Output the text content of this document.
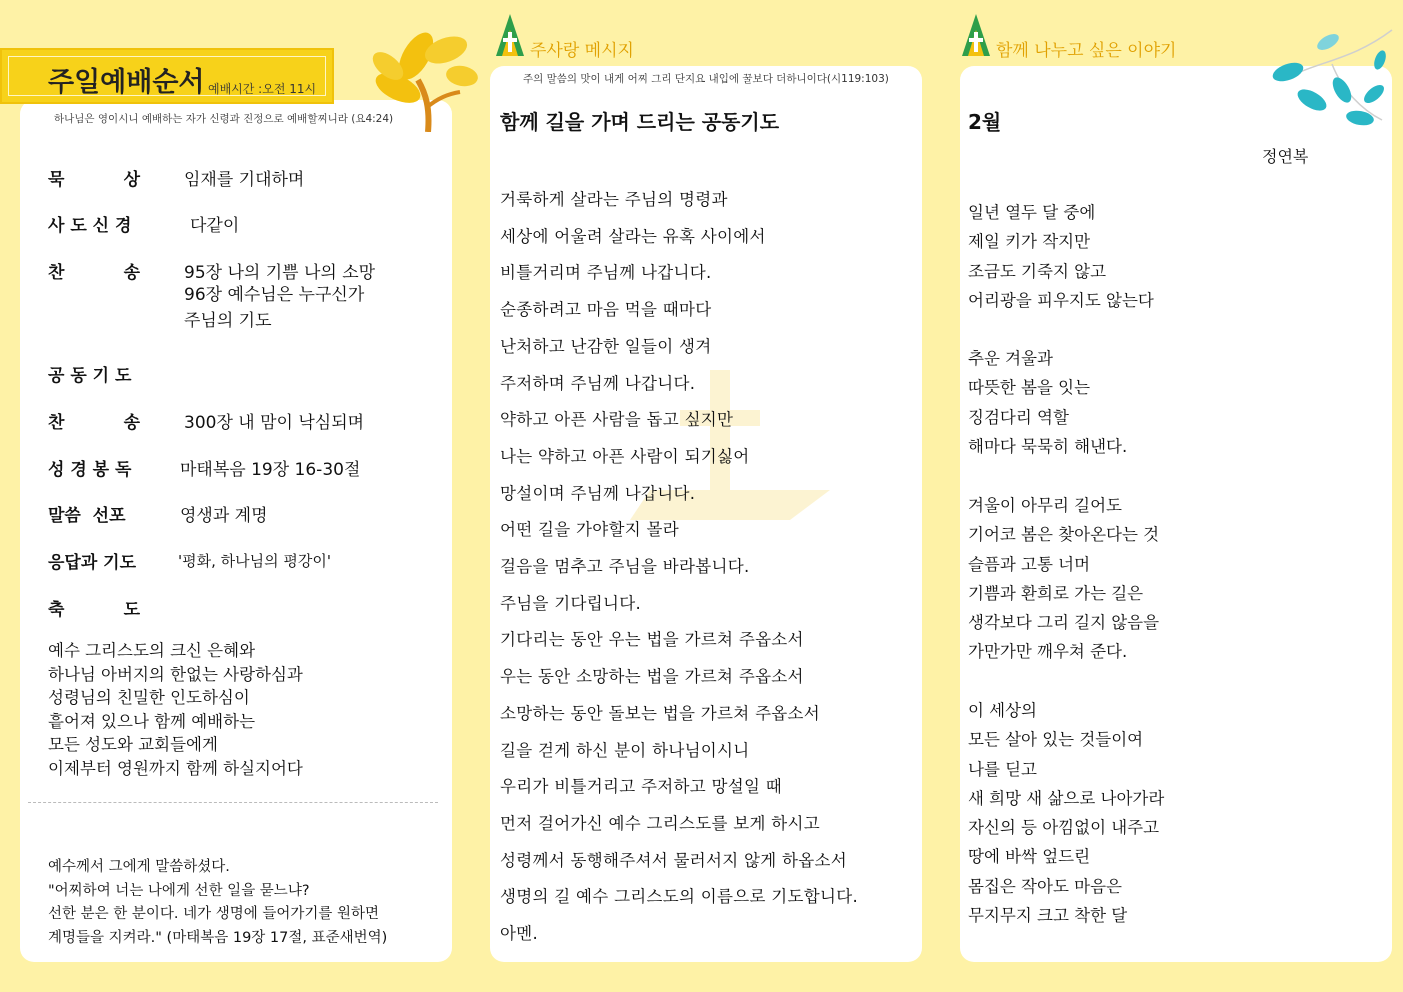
주일예배순서 예배시간 :오전 11시
하나님은 영이시니 예배하는 자가 신령과 진정으로 예배할찌니라 (요4:24)
묵          상	임재를 기대하며
사 도 신 경	다같이
찬          송	95장 나의 기쁨 나의 소망
96장 예수님은 누구신가
주님의 기도
공 동 기 도
찬          송	300장 내 맘이 낙심되며
성 경 봉 독	마태복음 19장 16-30절
말씀  선포	영생과 계명
응답과 기도	'평화, 하나님의 평강이'
축          도
예수 그리스도의 크신 은혜와
하나님 아버지의 한없는 사랑하심과
성령님의 친밀한 인도하심이
흩어져 있으나 함께 예배하는
모든 성도와 교회들에게
이제부터 영원까지 함께 하실지어다
예수께서 그에게 말씀하셨다.
"어찌하여 너는 나에게 선한 일을 묻느냐?
선한 분은 한 분이다. 네가 생명에 들어가기를 원하면
계명들을 지켜라." (마태복음 19장 17절, 표준새번역)
주사랑 메시지
주의 말씀의 맛이 내게 어찌 그리 단지요 내입에 꿀보다 더하니이다(시119:103)
함께 길을 가며 드리는 공동기도
거룩하게 살라는 주님의 명령과
세상에 어울려 살라는 유혹 사이에서
비틀거리며 주님께 나갑니다.
순종하려고 마음 먹을 때마다
난처하고 난감한 일들이 생겨
주저하며 주님께 나갑니다.
약하고 아픈 사람을 돕고 싶지만
나는 약하고 아픈 사람이 되기싫어
망설이며 주님께 나갑니다.
어떤 길을 가야할지 몰라
걸음을 멈추고 주님을 바라봅니다.
주님을 기다립니다.
기다리는 동안 우는 법을 가르쳐 주옵소서
우는 동안 소망하는 법을 가르쳐 주옵소서
소망하는 동안 돌보는 법을 가르쳐 주옵소서
길을 걷게 하신 분이 하나님이시니
우리가 비틀거리고 주저하고 망설일 때
먼저 걸어가신 예수 그리스도를 보게 하시고
성령께서 동행해주셔서 물러서지 않게 하옵소서
생명의 길 예수 그리스도의 이름으로 기도합니다.
아멘.
함께 나누고 싶은 이야기
2월
정연복
일년 열두 달 중에
제일 키가 작지만
조금도 기죽지 않고
어리광을 피우지도 않는다
추운 겨울과
따뜻한 봄을 잇는
징검다리 역할
해마다 묵묵히 해낸다.
겨울이 아무리 길어도
기어코 봄은 찾아온다는 것
슬픔과 고통 너머
기쁨과 환희로 가는 길은
생각보다 그리 길지 않음을
가만가만 깨우쳐 준다.
이 세상의
모든 살아 있는 것들이여
나를 딛고
새 희망 새 삶으로 나아가라
자신의 등 아낌없이 내주고
땅에 바싹 엎드린
몸집은 작아도 마음은
무지무지 크고 착한 달
